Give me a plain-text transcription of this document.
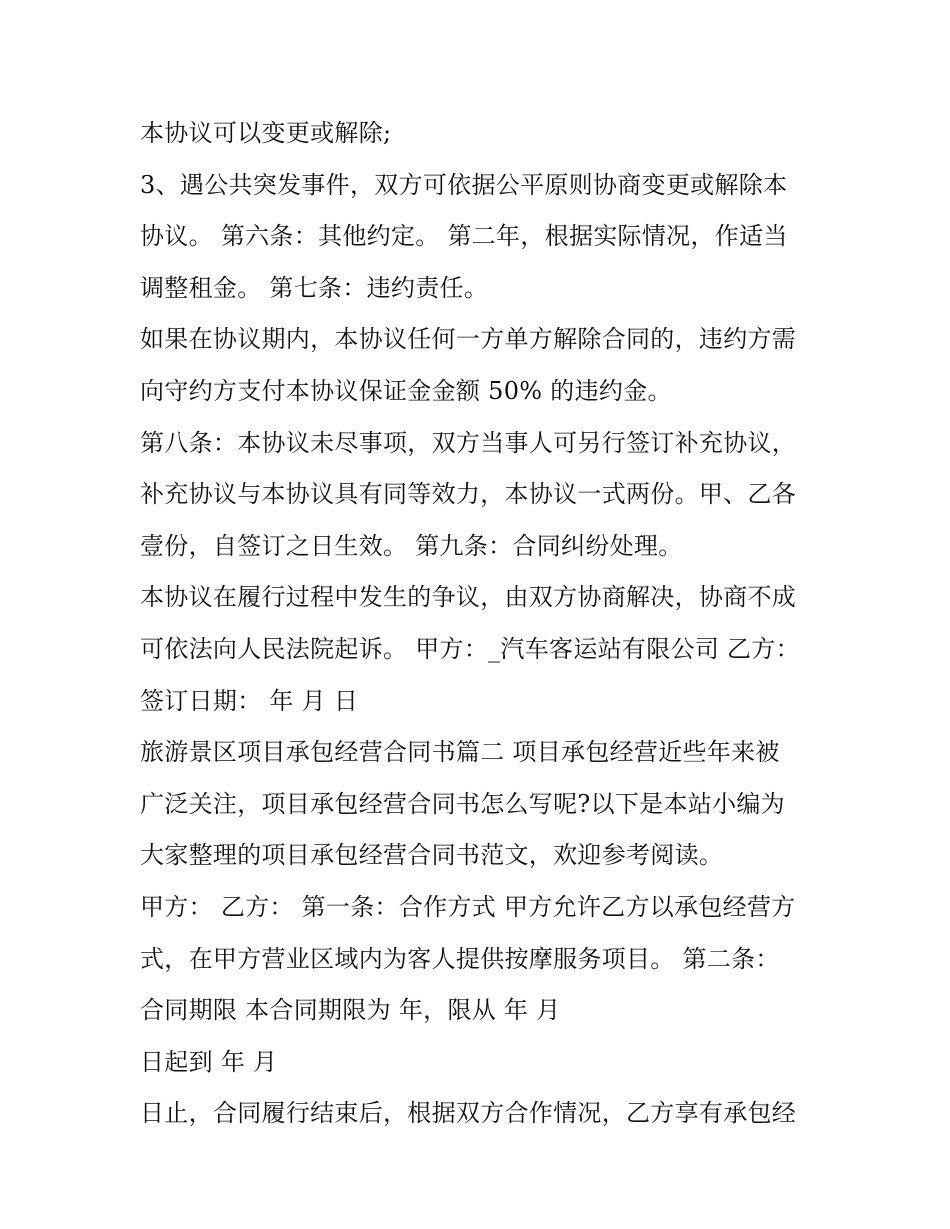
本协议可以变更或解除;
3、遇公共突发事件，双方可依据公平原则协商变更或解除本
协议。 第六条：其他约定。 第二年，根据实际情况，作适当
调整租金。 第七条：违约责任。
如果在协议期内，本协议任何一方单方解除合同的，违约方需
向守约方支付本协议保证金金额 50% 的违约金。
第八条：本协议未尽事项，双方当事人可另行签订补充协议，
补充协议与本协议具有同等效力，本协议一式两份。甲、乙各
壹份，自签订之日生效。 第九条：合同纠纷处理。
本协议在履行过程中发生的争议，由双方协商解决，协商不成
可依法向人民法院起诉。 甲方：_汽车客运站有限公司 乙方：
签订日期： 年 月 日
旅游景区项目承包经营合同书篇二 项目承包经营近些年来被
广泛关注，项目承包经营合同书怎么写呢?以下是本站小编为
大家整理的项目承包经营合同书范文，欢迎参考阅读。
甲方： 乙方： 第一条：合作方式 甲方允许乙方以承包经营方
式，在甲方营业区域内为客人提供按摩服务项目。 第二条：
合同期限 本合同期限为 年，限从 年 月
日起到 年 月
日止，合同履行结束后，根据双方合作情况，乙方享有承包经
